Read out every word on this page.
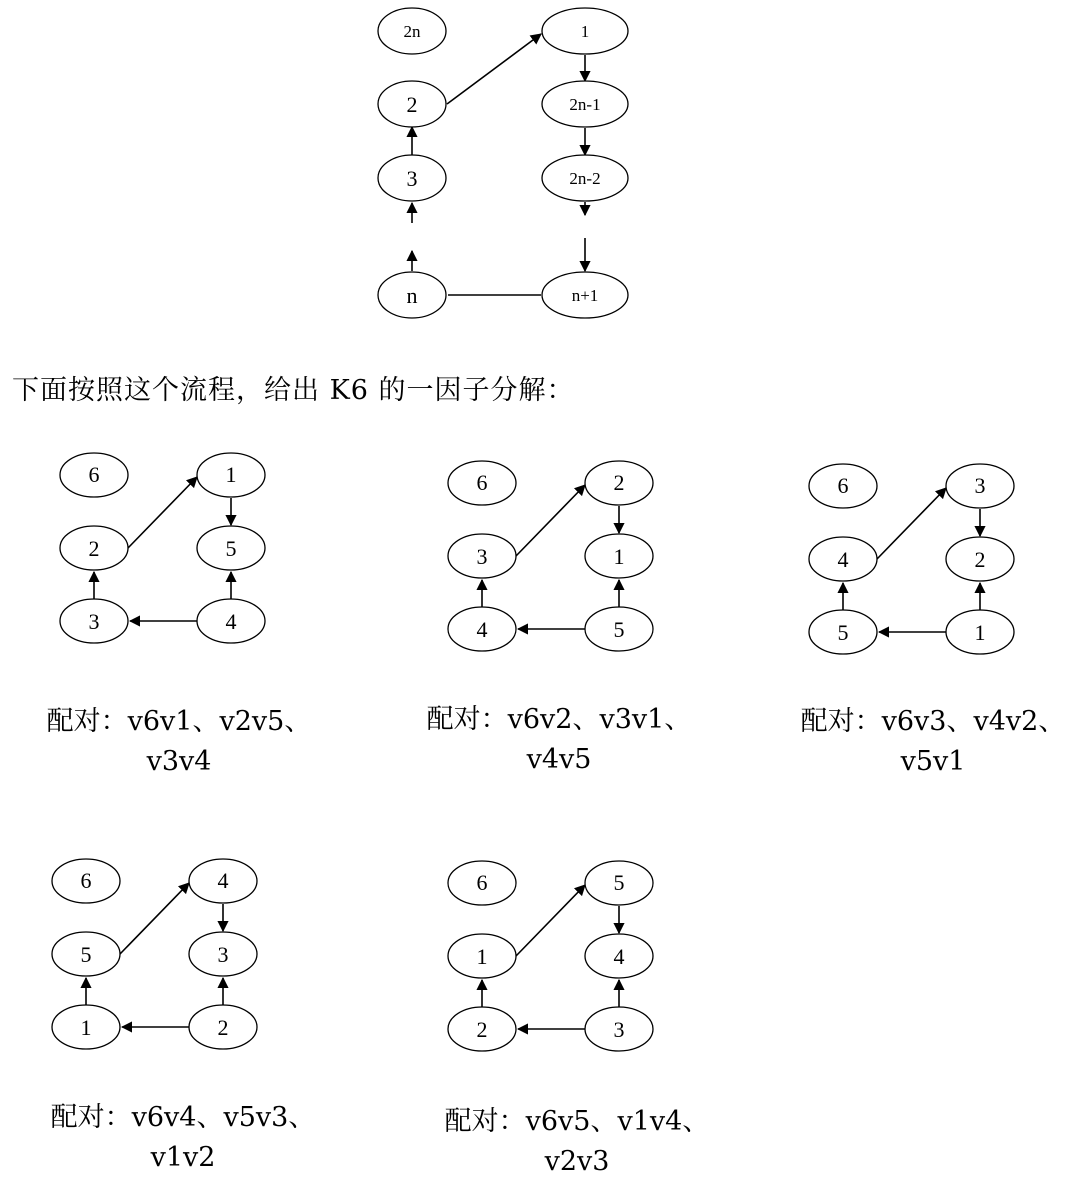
2n	1
2	2n-1
3	2n-2
n	n+1
6	1
2	5
3	4
6	2
3	1
4	5
6	3
4	2
5	1
6	4
5	3
1	2
6	5
1	4
2	3
下面按照这个流程，给出 K6 的一因子分解：
配对：v6v1、v2v5、
v3v4
配对：v6v2、v3v1、
v4v5
配对：v6v3、v4v2、
v5v1
配对：v6v4、v5v3、
v1v2
配对：v6v5、v1v4、
v2v3
